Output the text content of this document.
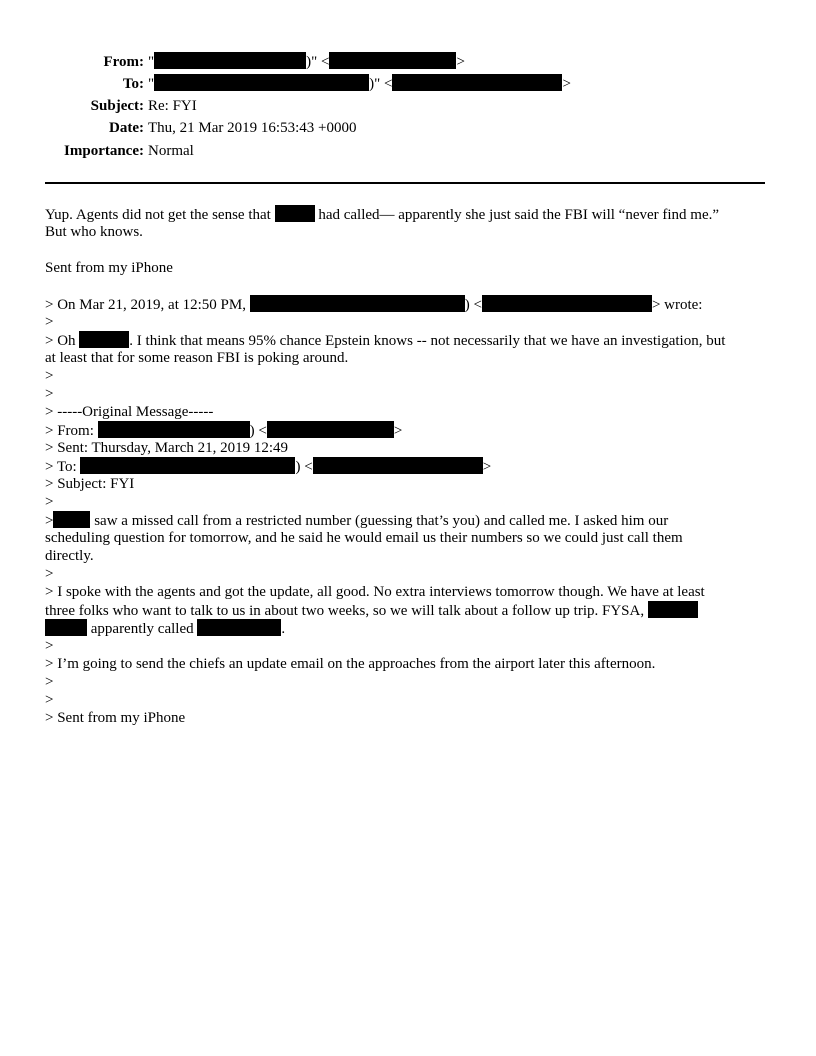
From: "	)" <	>
To: "	)" <	>
Subject: Re: FYI
Date: Thu, 21 Mar 2019 16:53:43 +0000
Importance: Normal
Yup. Agents did not get the sense that	had called— apparently she just said the FBI will “never find me.”
But who knows.
Sent from my iPhone
> On Mar 21, 2019, at 12:50 PM,	) <	> wrote:
>
> Oh	. I think that means 95% chance Epstein knows -- not necessarily that we have an investigation, but
at least that for some reason FBI is poking around.
>
>
> -----Original Message-----
> From:	) <	>
> Sent: Thursday, March 21, 2019 12:49
> To:	) <	>
> Subject: FYI
>
>	saw a missed call from a restricted number (guessing that’s you) and called me. I asked him our
scheduling question for tomorrow, and he said he would email us their numbers so we could just call them
directly.
>
> I spoke with the agents and got the update, all good. No extra interviews tomorrow though. We have at least
three folks who want to talk to us in about two weeks, so we will talk about a follow up trip. FYSA,
apparently called	.
>
> I’m going to send the chiefs an update email on the approaches from the airport later this afternoon.
>
>
> Sent from my iPhone
